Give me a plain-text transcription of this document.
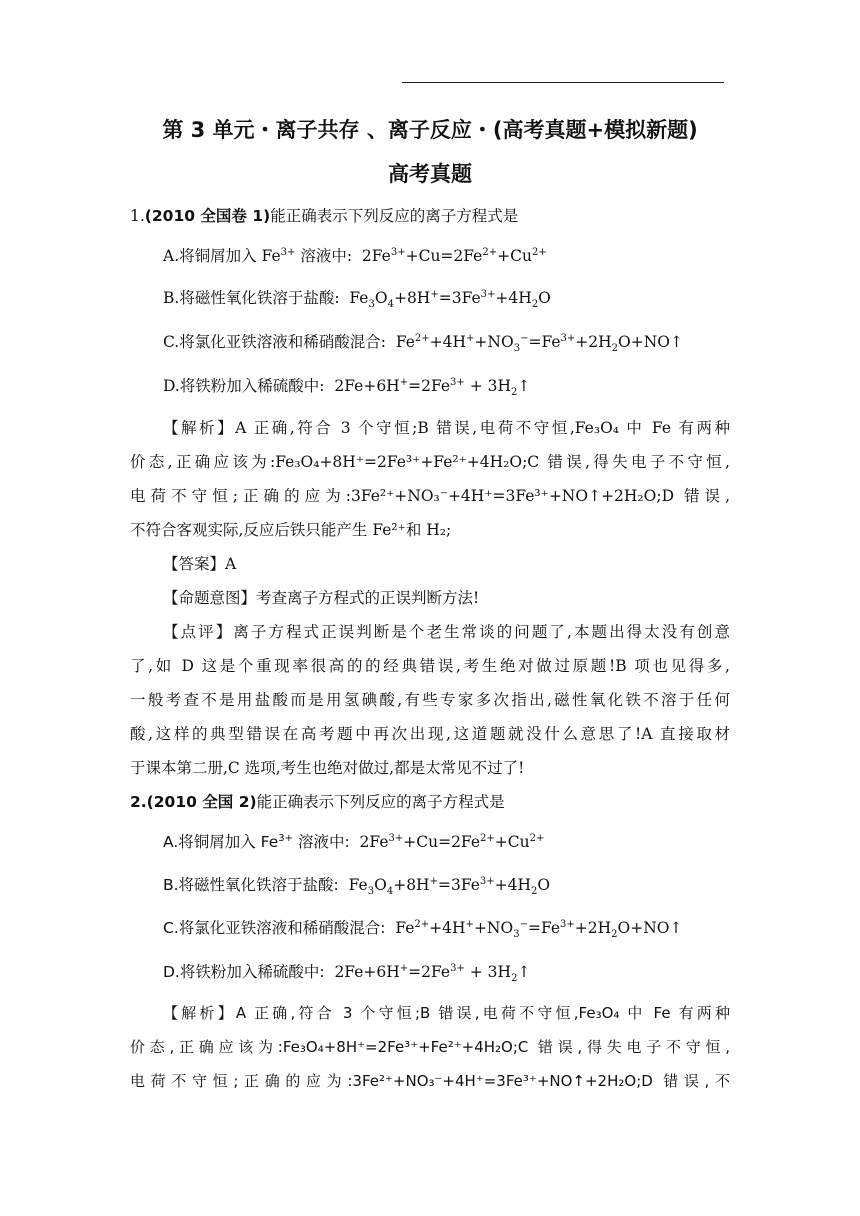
第 3 单元・离子共存 、离子反应・(高考真题+模拟新题)
高考真题
1.(2010 全国卷 1)能正确表示下列反应的离子方程式是
A.将铜屑加入 $Fe^{3+}$ 溶液中:  $2Fe^{3+}+Cu=2Fe^{2+}+Cu^{2+}$
B.将磁性氧化铁溶于盐酸:  $Fe_3O_4+8H^+=3Fe^{3+}+4H_2O$
C.将氯化亚铁溶液和稀硝酸混合:  $Fe^{2+}+4H^++NO_3^-=Fe^{3+}+2H_2O+NO↑$
D.将铁粉加入稀硫酸中:  $2Fe+6H^+=2Fe^{3+}$ + $3H_2↑$
【解析】A 正确,符合 3 个守恒;B 错误,电荷不守恒,Fe₃O₄ 中 Fe 有两种
价态,正确应该为:Fe₃O₄+8H⁺=2Fe³⁺+Fe²⁺+4H₂O;C 错误,得失电子不守恒,
电荷不守恒;正确的应为:3Fe²⁺+NO₃⁻+4H⁺=3Fe³⁺+NO↑+2H₂O;D 错误,
不符合客观实际,反应后铁只能产生 Fe²⁺和 H₂;
【答案】A
【命题意图】考查离子方程式的正误判断方法!
【点评】离子方程式正误判断是个老生常谈的问题了,本题出得太没有创意
了,如 D 这是个重现率很高的的经典错误,考生绝对做过原题!B 项也见得多,
一般考查不是用盐酸而是用氢碘酸,有些专家多次指出,磁性氧化铁不溶于任何
酸,这样的典型错误在高考题中再次出现,这道题就没什么意思了!A 直接取材
于课本第二册,C 选项,考生也绝对做过,都是太常见不过了!
2.(2010 全国 2)能正确表示下列反应的离子方程式是
A.将铜屑加入 $Fe^{3+}$ 溶液中:  $2Fe^{3+}+Cu=2Fe^{2+}+Cu^{2+}$
B.将磁性氧化铁溶于盐酸:  $Fe_3O_4+8H^+=3Fe^{3+}+4H_2O$
C.将氯化亚铁溶液和稀硝酸混合:  $Fe^{2+}+4H^++NO_3^-=Fe^{3+}+2H_2O+NO↑$
D.将铁粉加入稀硫酸中:  $2Fe+6H^+=2Fe^{3+}$ + $3H_2↑$
【解析】A 正确,符合 3 个守恒;B 错误,电荷不守恒,Fe₃O₄ 中 Fe 有两种
价态,正确应该为:Fe₃O₄+8H⁺=2Fe³⁺+Fe²⁺+4H₂O;C 错误,得失电子不守恒,
电荷不守恒;正确的应为:3Fe²⁺+NO₃⁻+4H⁺=3Fe³⁺+NO↑+2H₂O;D 错误,不
